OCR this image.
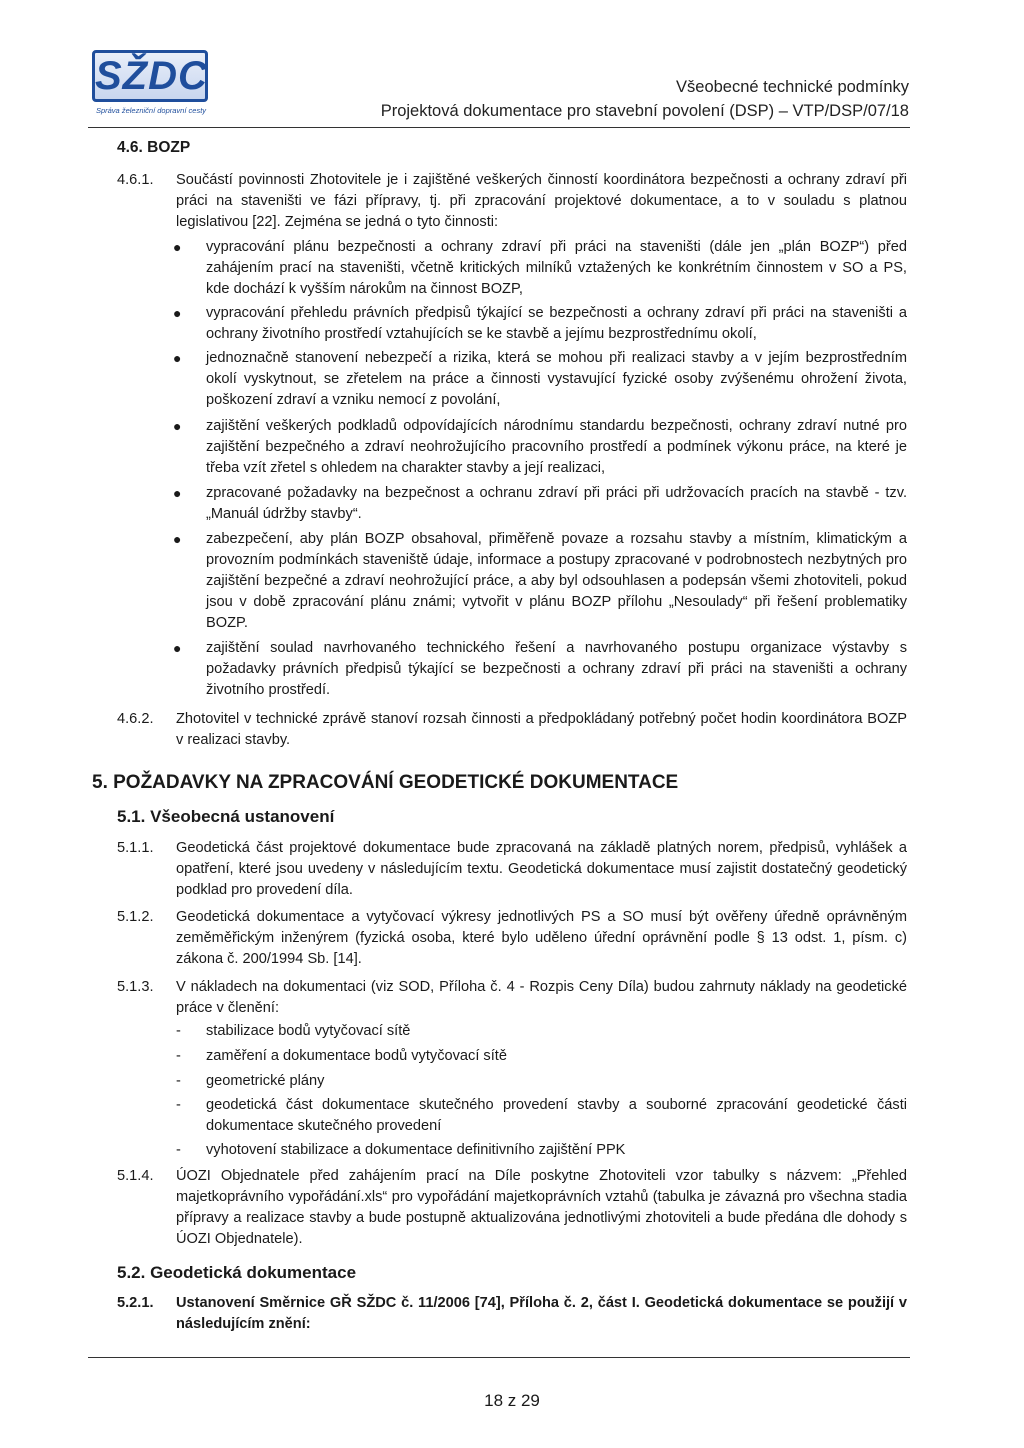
SŽDC
Správa železniční dopravní cesty
Všeobecné technické podmínky
Projektová dokumentace pro stavební povolení (DSP) – VTP/DSP/07/18
4.6. BOZP
4.6.1. Součástí povinnosti Zhotovitele je i zajištěné veškerých činností koordinátora bezpečnosti a ochrany zdraví při práci na staveništi ve fázi přípravy, tj. při zpracování projektové dokumentace, a to v souladu s platnou legislativou [22]. Zejména se jedná o tyto činnosti:
● vypracování plánu bezpečnosti a ochrany zdraví při práci na staveništi (dále jen „plán BOZP“) před zahájením prací na staveništi, včetně kritických milníků vztažených ke konkrétním činnostem v SO a PS, kde dochází k vyšším nárokům na činnost BOZP,
● vypracování přehledu právních předpisů týkající se bezpečnosti a ochrany zdraví při práci na staveništi a ochrany životního prostředí vztahujících se ke stavbě a jejímu bezprostřednímu okolí,
● jednoznačně stanovení nebezpečí a rizika, která se mohou při realizaci stavby a v jejím bezprostředním okolí vyskytnout, se zřetelem na práce a činnosti vystavující fyzické osoby zvýšenému ohrožení života, poškození zdraví a vzniku nemocí z povolání,
● zajištění veškerých podkladů odpovídajících národnímu standardu bezpečnosti, ochrany zdraví nutné pro zajištění bezpečného a zdraví neohrožujícího pracovního prostředí a podmínek výkonu práce, na které je třeba vzít zřetel s ohledem na charakter stavby a její realizaci,
● zpracované požadavky na bezpečnost a ochranu zdraví při práci při udržovacích pracích na stavbě - tzv. „Manuál údržby stavby“.
● zabezpečení, aby plán BOZP obsahoval, přiměřeně povaze a rozsahu stavby a místním, klimatickým a provozním podmínkách staveniště údaje, informace a postupy zpracované v podrobnostech nezbytných pro zajištění bezpečné a zdraví neohrožující práce, a aby byl odsouhlasen a podepsán všemi zhotoviteli, pokud jsou v době zpracování plánu známi; vytvořit v plánu BOZP přílohu „Nesoulady“ při řešení problematiky BOZP.
● zajištění soulad navrhovaného technického řešení a navrhovaného postupu organizace výstavby s požadavky právních předpisů týkající se bezpečnosti a ochrany zdraví při práci na staveništi a ochrany životního prostředí.
4.6.2. Zhotovitel v technické zprávě stanoví rozsah činnosti a předpokládaný potřebný počet hodin koordinátora BOZP v realizaci stavby.
5. POŽADAVKY NA ZPRACOVÁNÍ GEODETICKÉ DOKUMENTACE
5.1. Všeobecná ustanovení
5.1.1. Geodetická část projektové dokumentace bude zpracovaná na základě platných norem, předpisů, vyhlášek a opatření, které jsou uvedeny v následujícím textu. Geodetická dokumentace musí zajistit dostatečný geodetický podklad pro provedení díla.
5.1.2. Geodetická dokumentace a vytyčovací výkresy jednotlivých PS a SO musí být ověřeny úředně oprávněným zeměměřickým inženýrem (fyzická osoba, které bylo uděleno úřední oprávnění podle § 13 odst. 1, písm. c) zákona č. 200/1994 Sb. [14].
5.1.3. V nákladech na dokumentaci (viz SOD, Příloha č. 4 - Rozpis Ceny Díla) budou zahrnuty náklady na geodetické práce v členění:
- stabilizace bodů vytyčovací sítě
- zaměření a dokumentace bodů vytyčovací sítě
- geometrické plány
- geodetická část dokumentace skutečného provedení stavby a souborné zpracování geodetické části dokumentace skutečného provedení
- vyhotovení stabilizace a dokumentace definitivního zajištění PPK
5.1.4. ÚOZI Objednatele před zahájením prací na Díle poskytne Zhotoviteli vzor tabulky s názvem: „Přehled majetkoprávního vypořádání.xls“ pro vypořádání majetkoprávních vztahů (tabulka je závazná pro všechna stadia přípravy a realizace stavby a bude postupně aktualizována jednotlivými zhotoviteli a bude předána dle dohody s ÚOZI Objednatele).
5.2. Geodetická dokumentace
5.2.1. Ustanovení Směrnice GŘ SŽDC č. 11/2006 [74], Příloha č. 2, část I. Geodetická dokumentace se použijí v následujícím znění:
18 z 29
